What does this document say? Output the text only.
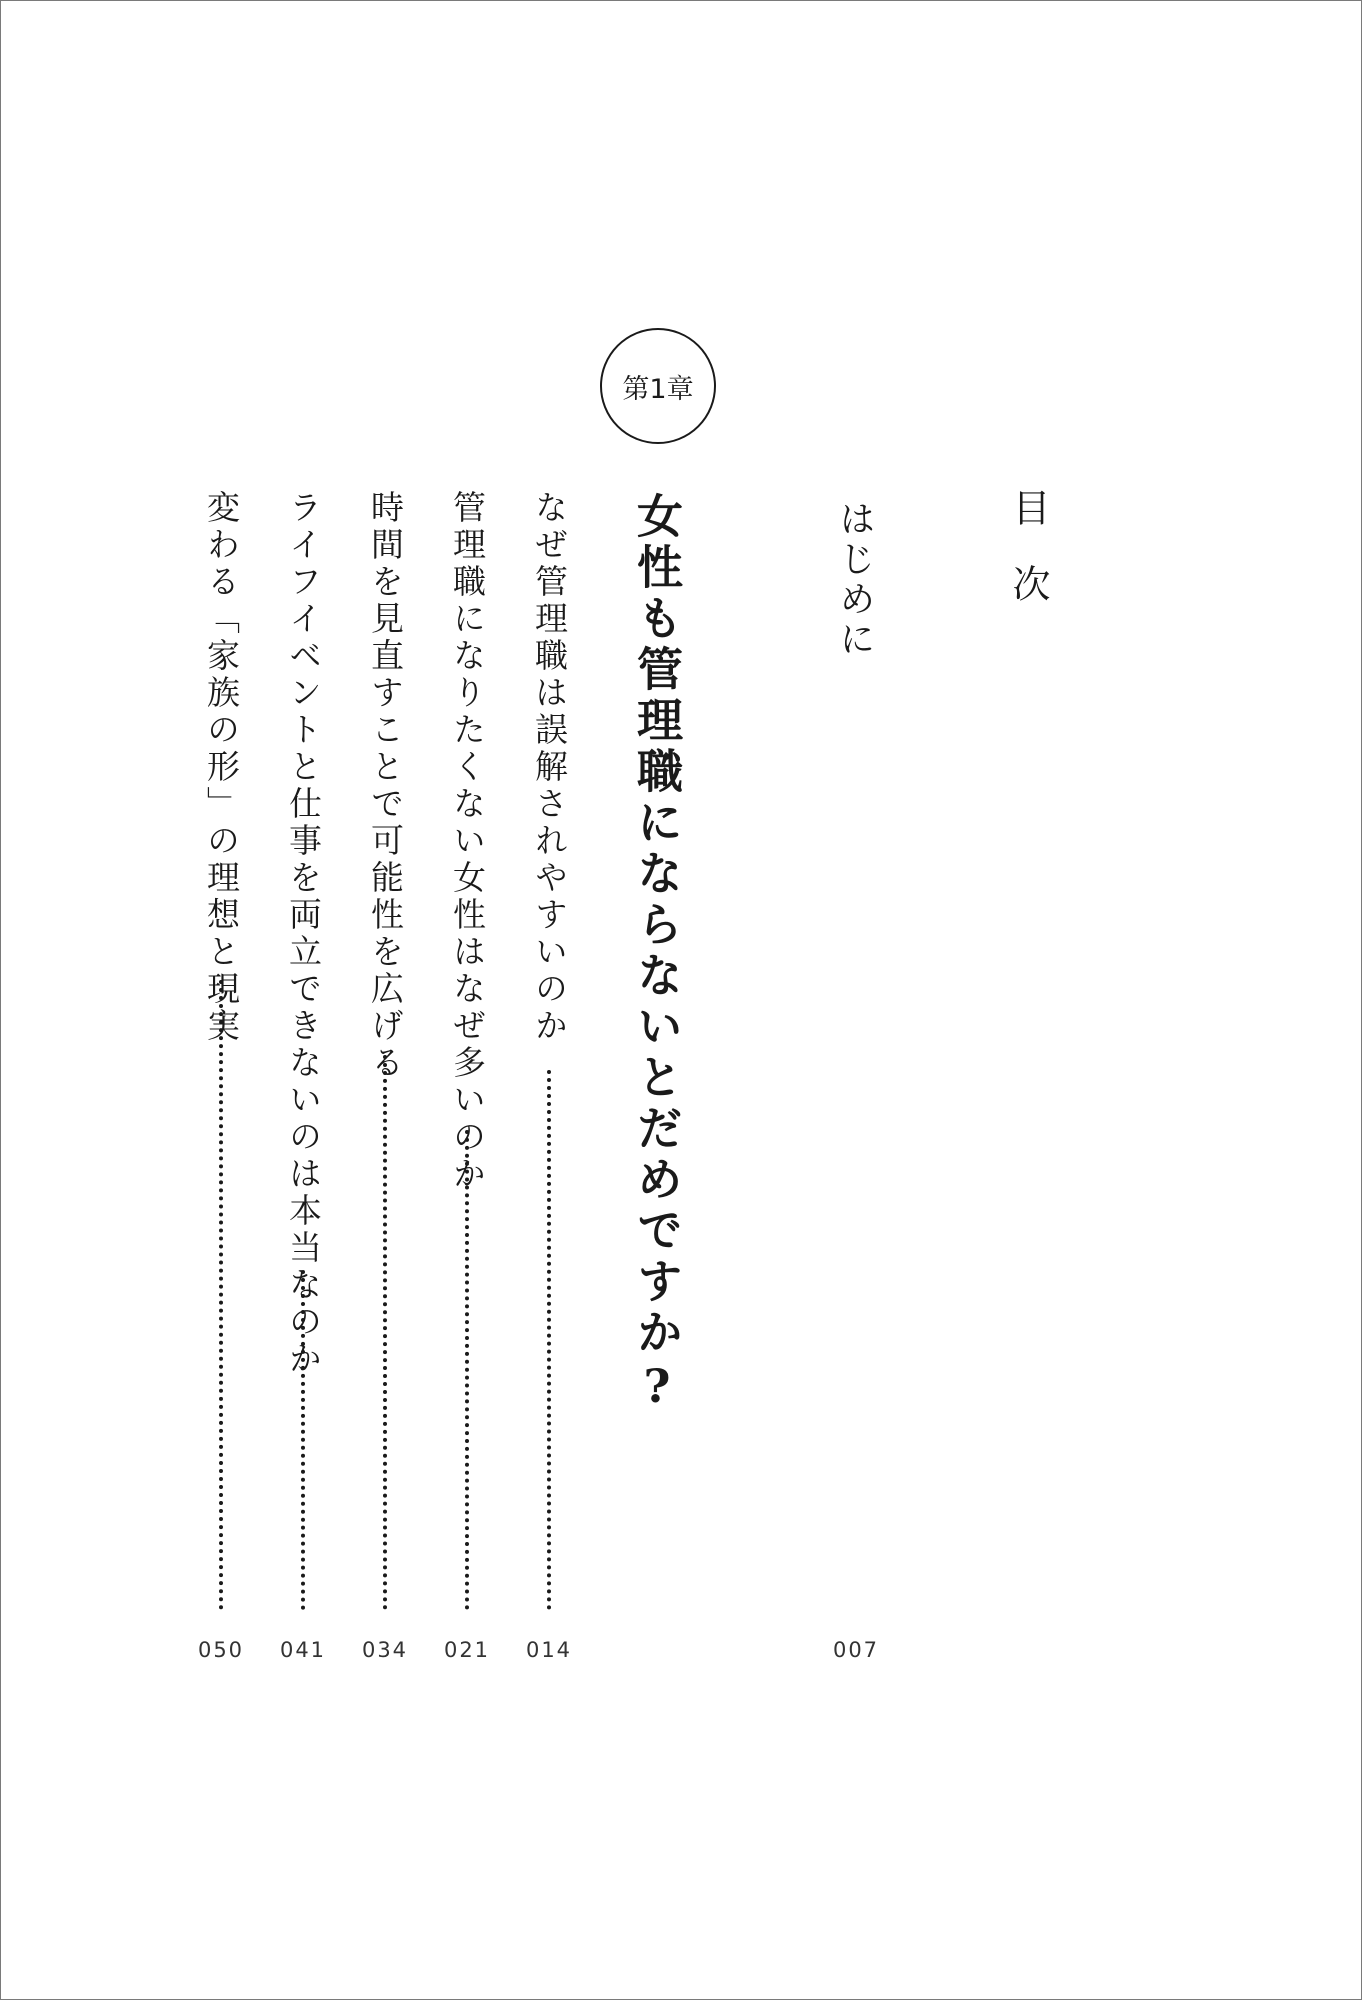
目次
はじめに
007
第1章
女性も管理職にならないとだめですか?
なぜ管理職は誤解されやすいのか
014
管理職になりたくない女性はなぜ多いのか
021
時間を見直すことで可能性を広げる
034
ライフイベントと仕事を両立できないのは本当なのか
041
変わる「家族の形」の理想と現実
050
